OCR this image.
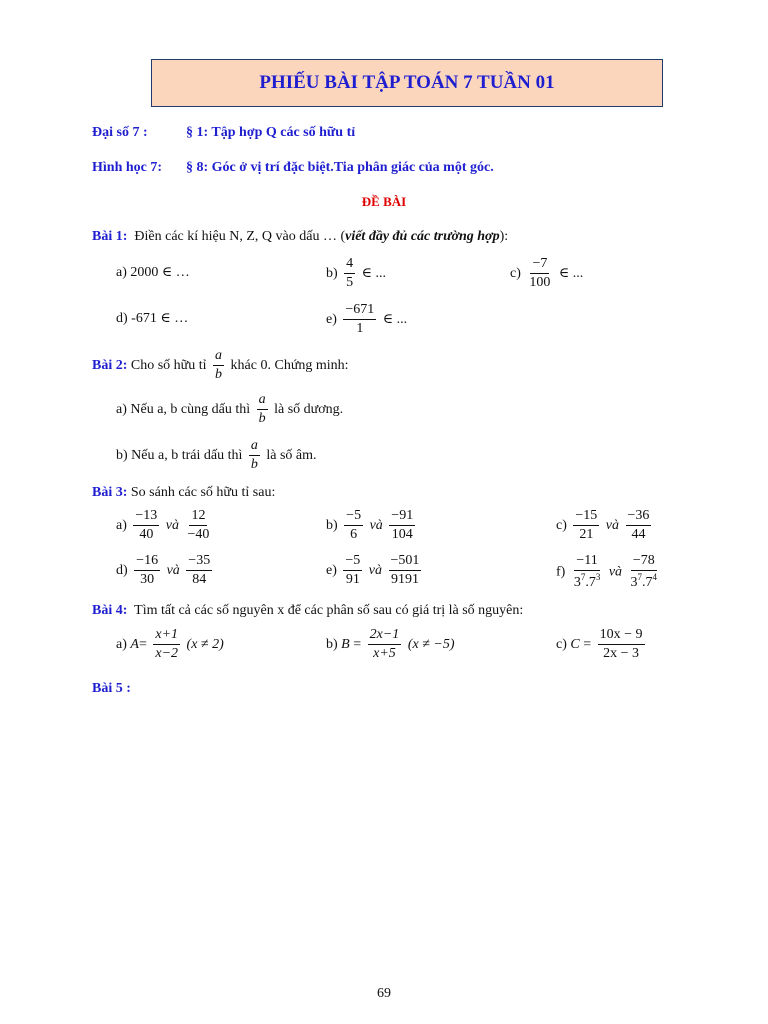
PHIẾU BÀI TẬP TOÁN 7 TUẦN 01
Đại số 7 :	§ 1: Tập hợp Q các số hữu tỉ
Hình học 7: § 8: Góc ở vị trí đặc biệt.Tia phân giác của một góc.
ĐỀ BÀI
Bài 1: Điền các kí hiệu N, Z, Q vào dấu … (viết đầy đủ các trường hợp):
a) 2000 ∈ …	$b) \frac{4}{5}$ ∈ ...	$c) \frac{-7}{100}$ ∈ ...
d) -671 ∈ …	$e) \frac{-671}{1}$ ∈ ...
Bài 2: Cho số hữu tỉ $\frac{a}{b}$ khác 0. Chứng minh:
a) Nếu a, b cùng dấu thì $\frac{a}{b}$ là số dương.
b) Nếu a, b trái dấu thì $\frac{a}{b}$ là số âm.
Bài 3: So sánh các số hữu tỉ sau:
$a) \frac{-13}{40}$ và $\frac{12}{-40}$	$b) \frac{-5}{6}$ và $\frac{-91}{104}$	$c) \frac{-15}{21}$ và $\frac{-36}{44}$
$d) \frac{-16}{30}$ và $\frac{-35}{84}$	$e) \frac{-5}{91}$ và $\frac{-501}{9191}$	$f) \frac{-11}{3^7.7^3}$ và $\frac{-78}{3^7.7^4}$
Bài 4: Tìm tất cả các số nguyên x để các phân số sau có giá trị là số nguyên:
a) $A= \frac{x+1}{x-2} (x \ne 2)$	b) $B = \frac{2x-1}{x+5} (x \ne -5)$	c) $C = \frac{10x - 9}{2x - 3}$
Bài 5 :
69
